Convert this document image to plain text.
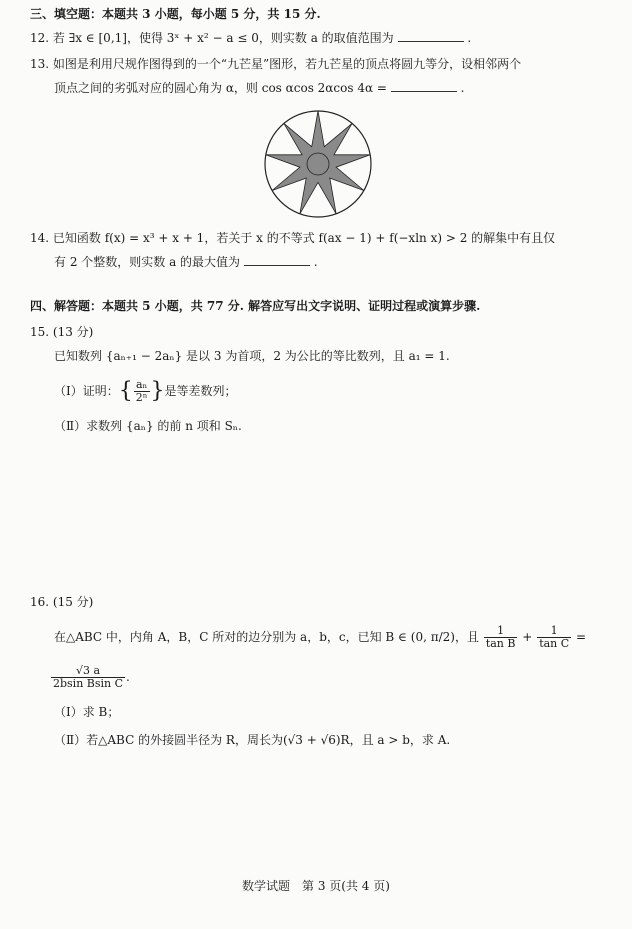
三、填空题：本题共 3 小题，每小题 5 分，共 15 分.
12. 若 ∃x ∈ [0,1]，使得 3ˣ + x² − a ≤ 0，则实数 a 的取值范围为	.
13. 如图是利用尺规作图得到的一个“九芒星”图形，若九芒星的顶点将圆九等分，设相邻两个
顶点之间的劣弧对应的圆心角为 α，则 cos αcos 2αcos 4α =	.
14. 已知函数 f(x) = x³ + x + 1，若关于 x 的不等式 f(ax − 1) + f(−xln x) > 2 的解集中有且仅
有 2 个整数，则实数 a 的最大值为	.
四、解答题：本题共 5 小题，共 77 分. 解答应写出文字说明、证明过程或演算步骤.
15. (13 分)
已知数列 {aₙ₊₁ − 2aₙ} 是以 3 为首项，2 为公比的等比数列，且 a₁ = 1.
（Ⅰ）证明：{ $\frac{\text{aₙ}}{\text{2ⁿ}}$ }是等差数列；
（Ⅱ）求数列 {aₙ} 的前 n 项和 Sₙ.
16. (15 分)
在△ABC 中，内角 A，B，C 所对的边分别为 a，b，c，已知 B ∈ (0, π/2)，且 $\frac{1}{\text{tan B}} + \frac{1}{\text{tan C}}$ =
$\frac{√3 a}{\text{2bsin Bsin C}}$ .
（Ⅰ）求 B；
（Ⅱ）若△ABC 的外接圆半径为 R，周长为(√3 + √6)R，且 a > b，求 A.
数学试题　第 3 页(共 4 页)
